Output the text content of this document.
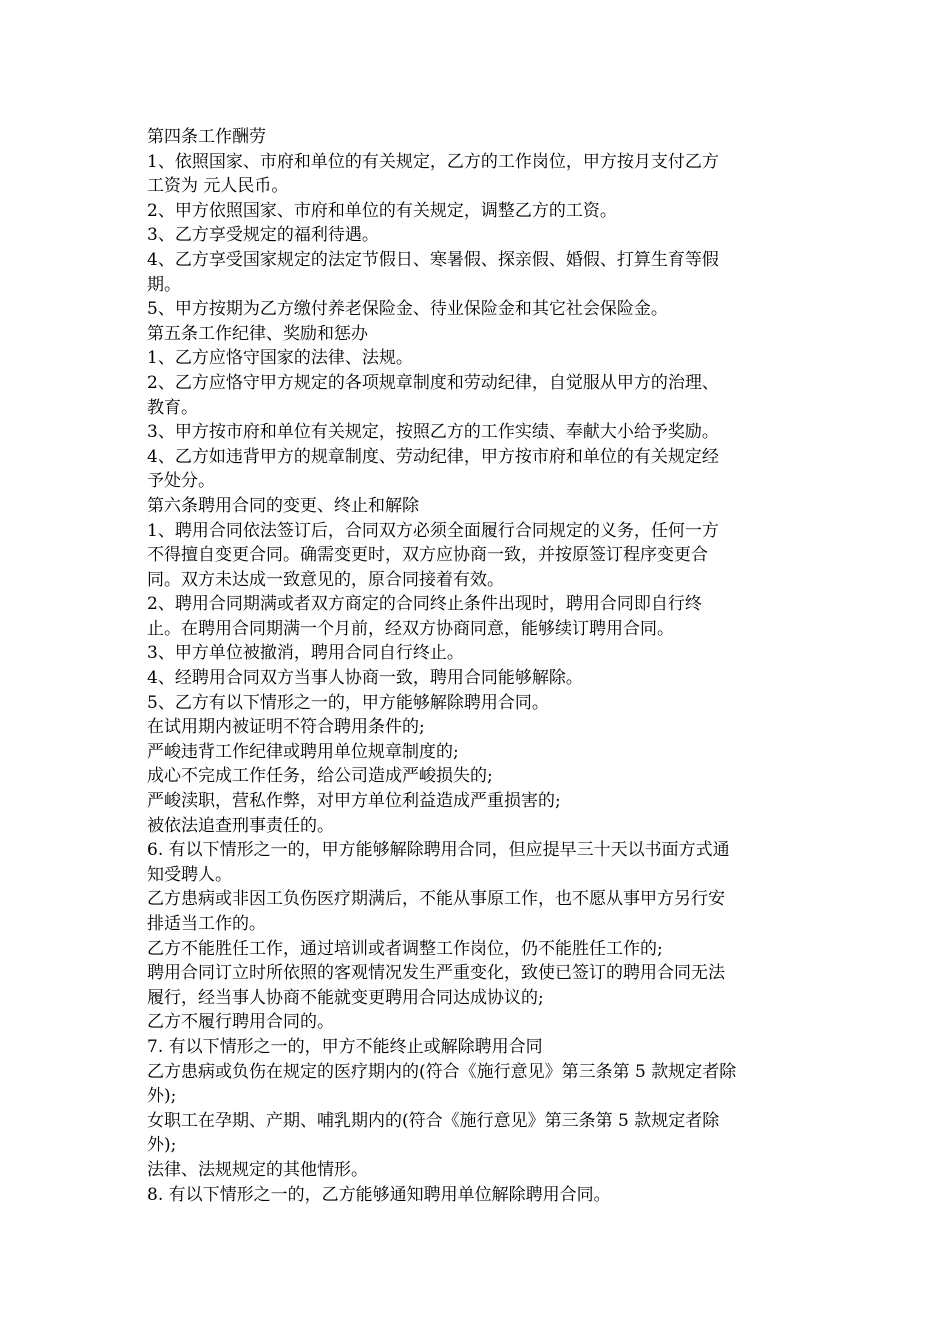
第四条工作酬劳

1、依照国家、市府和单位的有关规定，乙方的工作岗位，甲方按月支付乙方

工资为 元人民币。

2、甲方依照国家、市府和单位的有关规定，调整乙方的工资。

3、乙方享受规定的福利待遇。

4、乙方享受国家规定的法定节假日、寒暑假、探亲假、婚假、打算生育等假

期。

5、甲方按期为乙方缴付养老保险金、待业保险金和其它社会保险金。

第五条工作纪律、奖励和惩办

1、乙方应恪守国家的法律、法规。

2、乙方应恪守甲方规定的各项规章制度和劳动纪律，自觉服从甲方的治理、

教育。

3、甲方按市府和单位有关规定，按照乙方的工作实绩、奉献大小给予奖励。

4、乙方如违背甲方的规章制度、劳动纪律，甲方按市府和单位的有关规定经

予处分。

第六条聘用合同的变更、终止和解除

1、聘用合同依法签订后，合同双方必须全面履行合同规定的义务，任何一方

不得擅自变更合同。确需变更时，双方应协商一致，并按原签订程序变更合

同。双方未达成一致意见的，原合同接着有效。

2、聘用合同期满或者双方商定的合同终止条件出现时，聘用合同即自行终

止。在聘用合同期满一个月前，经双方协商同意，能够续订聘用合同。

3、甲方单位被撤消，聘用合同自行终止。

4、经聘用合同双方当事人协商一致，聘用合同能够解除。

5、乙方有以下情形之一的，甲方能够解除聘用合同。

在试用期内被证明不符合聘用条件的;

严峻违背工作纪律或聘用单位规章制度的;

成心不完成工作任务，给公司造成严峻损失的;

严峻渎职，营私作弊，对甲方单位利益造成严重损害的;

被依法追查刑事责任的。

6. 有以下情形之一的，甲方能够解除聘用合同，但应提早三十天以书面方式通

知受聘人。

乙方患病或非因工负伤医疗期满后，不能从事原工作，也不愿从事甲方另行安

排适当工作的。

乙方不能胜任工作，通过培训或者调整工作岗位，仍不能胜任工作的;

聘用合同订立时所依照的客观情况发生严重变化，致使已签订的聘用合同无法

履行，经当事人协商不能就变更聘用合同达成协议的;

乙方不履行聘用合同的。

7. 有以下情形之一的，甲方不能终止或解除聘用合同

乙方患病或负伤在规定的医疗期内的(符合《施行意见》第三条第 5 款规定者除

外);

女职工在孕期、产期、哺乳期内的(符合《施行意见》第三条第 5 款规定者除

外);

法律、法规规定的其他情形。

8. 有以下情形之一的，乙方能够通知聘用单位解除聘用合同。
